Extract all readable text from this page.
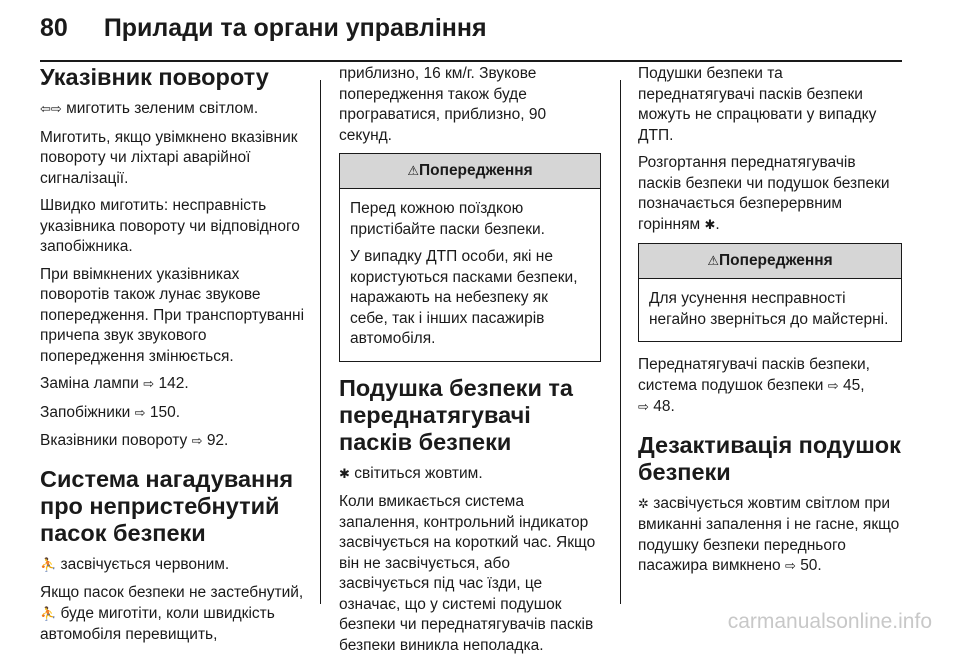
80 Прилади та органи управління
Указівник повороту

⇦⇨ миготить зеленим світлом.

Миготить, якщо увімкнено вказівник повороту чи ліхтарі аварійної сигналізації.

Швидко миготить: несправність указівника повороту чи відповідного запобіжника.

При ввімкнених указівниках поворотів також лунає звукове попередження. При транспортуванні причепа звук звукового попередження змінюється.

Заміна лампи ⇨ 142.

Запобіжники ⇨ 150.

Вказівники повороту ⇨ 92.

Система нагадування про непристебнутий пасок безпеки

⛹ засвічується червоним.

Якщо пасок безпеки не застебнутий, ⛹ буде миготіти, коли швидкість автомобіля перевищить,

приблизно, 16 км/г. Звукове попередження також буде програватися, приблизно, 90 секунд.

⚠Попередження

Перед кожною поїздкою пристібайте паски безпеки.

У випадку ДТП особи, які не користуються пасками безпеки, наражають на небезпеку як себе, так і інших пасажирів автомобіля.

Подушка безпеки та переднатягувачі пасків безпеки

✱ світиться жовтим.

Коли вмикається система запалення, контрольний індикатор засвічується на короткий час. Якщо він не засвічується, або засвічується під час їзди, це означає, що у системі подушок безпеки чи переднатягувачів пасків безпеки виникла неполадка.

Подушки безпеки та переднатягувачі пасків безпеки можуть не спрацювати у випадку ДТП.

Розгортання переднатягувачів пасків безпеки чи подушок безпеки позначається безперервним горінням ✱.

⚠Попередження

Для усунення несправності негайно зверніться до майстерні.

Переднатягувачі пасків безпеки, система подушок безпеки ⇨ 45,
⇨ 48.

Дезактивація подушок безпеки

✲ засвічується жовтим світлом при вмиканні запалення і не гасне, якщо подушку безпеки переднього пасажира вимкнено ⇨ 50.

carmanualsonline.info
